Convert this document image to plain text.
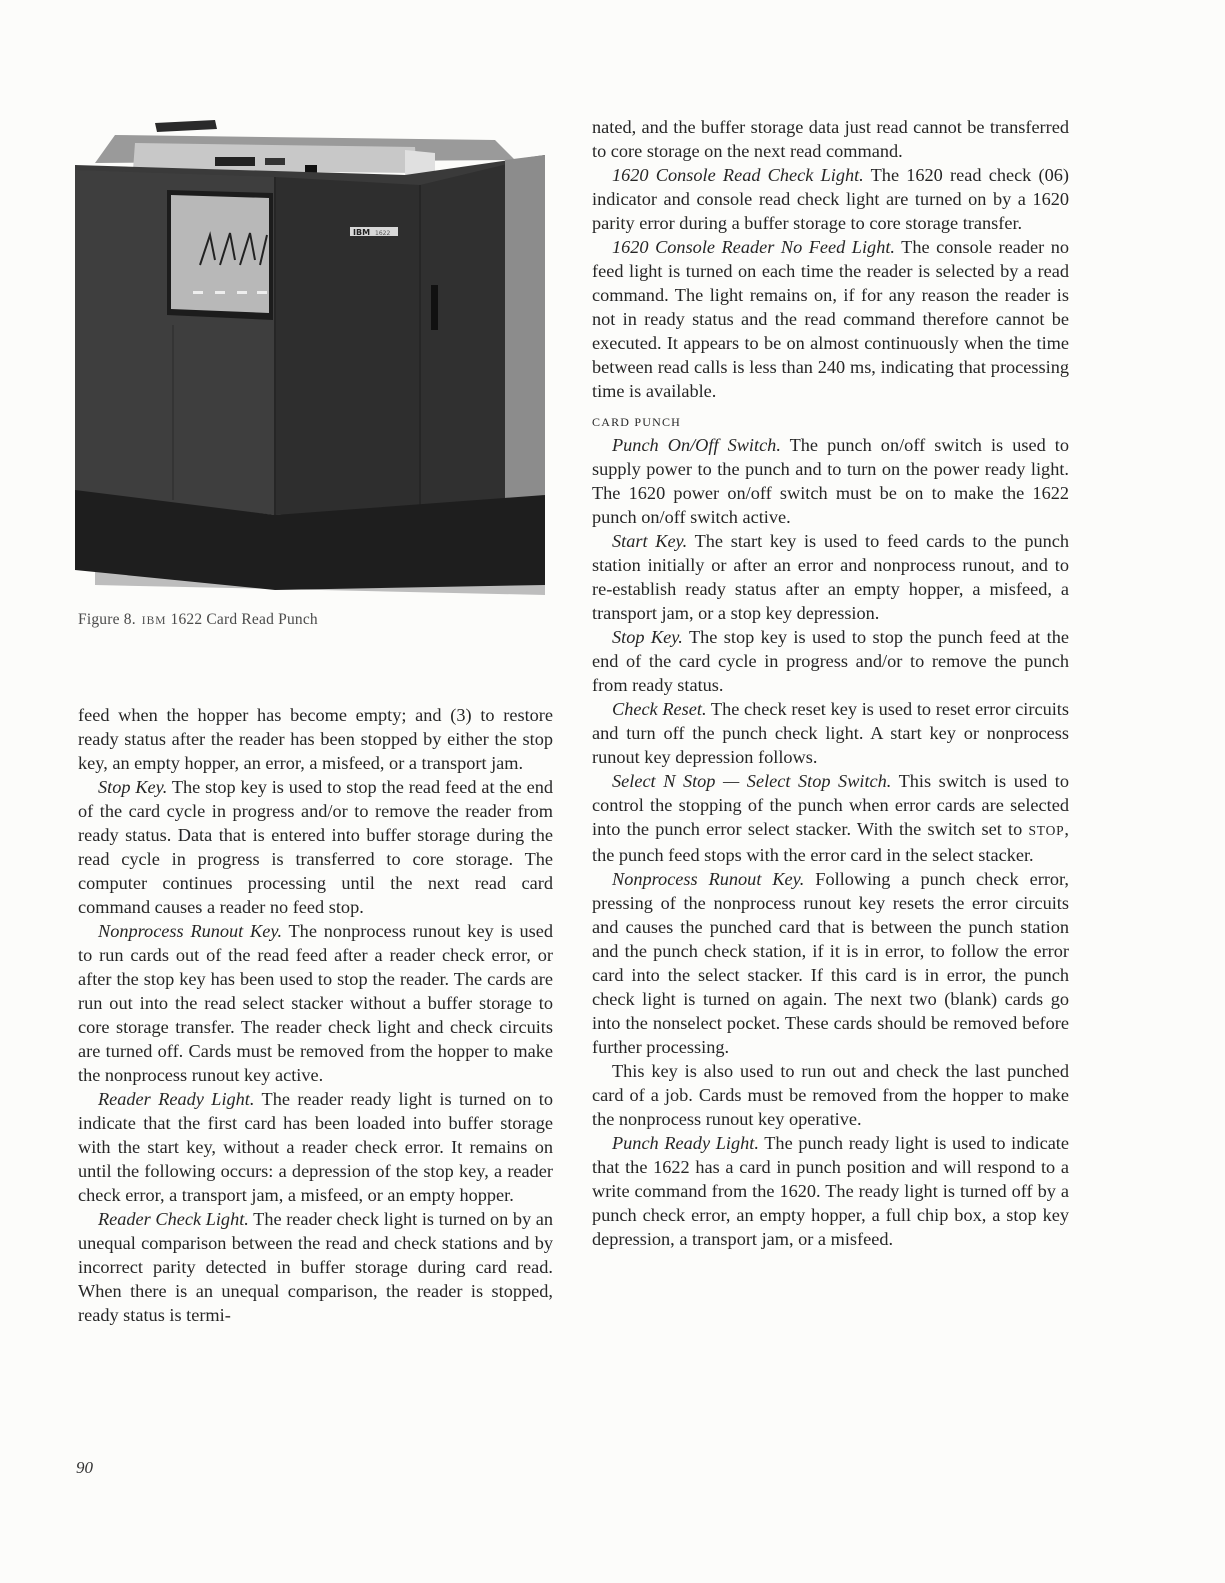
IBM 1622
Figure 8. IBM 1622 Card Read Punch

feed when the hopper has become empty; and (3) to restore ready status after the reader has been stopped by either the stop key, an empty hopper, an error, a misfeed, or a transport jam.

Stop Key. The stop key is used to stop the read feed at the end of the card cycle in progress and/or to remove the reader from ready status. Data that is entered into buffer storage during the read cycle in progress is transferred to core storage. The computer continues processing until the next read card command causes a reader no feed stop.

Nonprocess Runout Key. The nonprocess runout key is used to run cards out of the read feed after a reader check error, or after the stop key has been used to stop the reader. The cards are run out into the read select stacker without a buffer storage to core storage transfer. The reader check light and check circuits are turned off. Cards must be removed from the hopper to make the nonprocess runout key active.

Reader Ready Light. The reader ready light is turned on to indicate that the first card has been loaded into buffer storage with the start key, without a reader check error. It remains on until the following occurs: a depression of the stop key, a reader check error, a transport jam, a misfeed, or an empty hopper.

Reader Check Light. The reader check light is turned on by an unequal comparison between the read and check stations and by incorrect parity detected in buffer storage during card read. When there is an unequal comparison, the reader is stopped, ready status is termi-

nated, and the buffer storage data just read cannot be transferred to core storage on the next read command.

1620 Console Read Check Light. The 1620 read check (06) indicator and console read check light are turned on by a 1620 parity error during a buffer storage to core storage transfer.

1620 Console Reader No Feed Light. The console reader no feed light is turned on each time the reader is selected by a read command. The light remains on, if for any reason the reader is not in ready status and the read command therefore cannot be executed. It appears to be on almost continuously when the time between read calls is less than 240 ms, indicating that processing time is available.

CARD PUNCH

Punch On/Off Switch. The punch on/off switch is used to supply power to the punch and to turn on the power ready light. The 1620 power on/off switch must be on to make the 1622 punch on/off switch active.

Start Key. The start key is used to feed cards to the punch station initially or after an error and nonprocess runout, and to re-establish ready status after an empty hopper, a misfeed, a transport jam, or a stop key depression.

Stop Key. The stop key is used to stop the punch feed at the end of the card cycle in progress and/or to remove the punch from ready status.

Check Reset. The check reset key is used to reset error circuits and turn off the punch check light. A start key or nonprocess runout key depression follows.

Select N Stop — Select Stop Switch. This switch is used to control the stopping of the punch when error cards are selected into the punch error select stacker. With the switch set to STOP, the punch feed stops with the error card in the select stacker.

Nonprocess Runout Key. Following a punch check error, pressing of the nonprocess runout key resets the error circuits and causes the punched card that is between the punch station and the punch check station, if it is in error, to follow the error card into the select stacker. If this card is in error, the punch check light is turned on again. The next two (blank) cards go into the nonselect pocket. These cards should be removed before further processing.

This key is also used to run out and check the last punched card of a job. Cards must be removed from the hopper to make the nonprocess runout key operative.

Punch Ready Light. The punch ready light is used to indicate that the 1622 has a card in punch position and will respond to a write command from the 1620. The ready light is turned off by a punch check error, an empty hopper, a full chip box, a stop key depression, a transport jam, or a misfeed.

90
